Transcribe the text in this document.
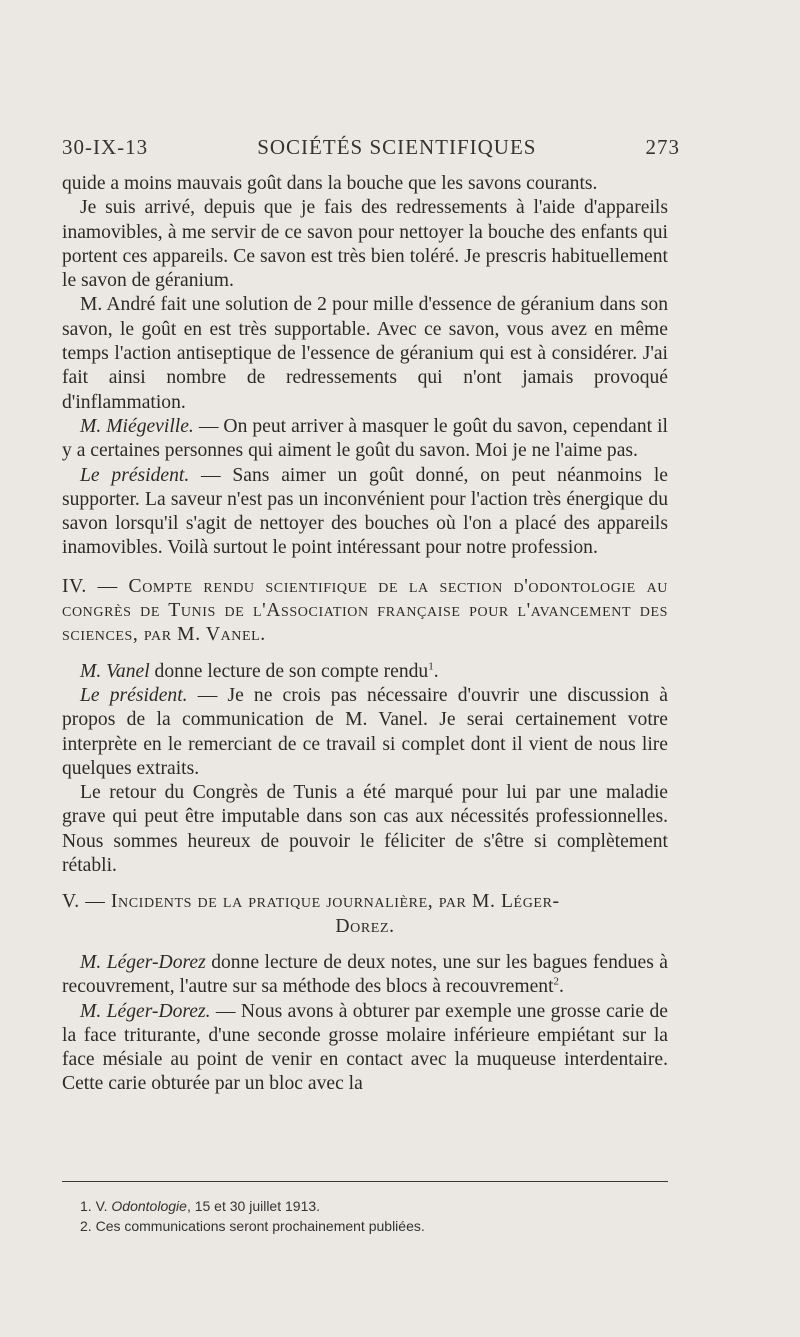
30-IX-13	SOCIÉTÉS SCIENTIFIQUES	273

quide a moins mauvais goût dans la bouche que les savons courants.

Je suis arrivé, depuis que je fais des redressements à l'aide d'appareils inamovibles, à me servir de ce savon pour nettoyer la bouche des enfants qui portent ces appareils. Ce savon est très bien toléré. Je prescris habituellement le savon de géranium.

M. André fait une solution de 2 pour mille d'essence de géranium dans son savon, le goût en est très supportable. Avec ce savon, vous avez en même temps l'action antiseptique de l'essence de géranium qui est à considérer. J'ai fait ainsi nombre de redressements qui n'ont jamais provoqué d'inflammation.

M. Miégeville. — On peut arriver à masquer le goût du savon, cependant il y a certaines personnes qui aiment le goût du savon. Moi je ne l'aime pas.

Le président. — Sans aimer un goût donné, on peut néanmoins le supporter. La saveur n'est pas un inconvénient pour l'action très énergique du savon lorsqu'il s'agit de nettoyer des bouches où l'on a placé des appareils inamovibles. Voilà surtout le point intéressant pour notre profession.

IV. — Compte rendu scientifique de la section d'odontologie au congrès de Tunis de l'Association française pour l'avancement des sciences, par M. Vanel.

M. Vanel donne lecture de son compte rendu$^1$.

Le président. — Je ne crois pas nécessaire d'ouvrir une discussion à propos de la communication de M. Vanel. Je serai certainement votre interprète en le remerciant de ce travail si complet dont il vient de nous lire quelques extraits.

Le retour du Congrès de Tunis a été marqué pour lui par une maladie grave qui peut être imputable dans son cas aux nécessités professionnelles. Nous sommes heureux de pouvoir le féliciter de s'être si complètement rétabli.

V. — Incidents de la pratique journalière, par M. Léger-
Dorez.

M. Léger-Dorez donne lecture de deux notes, une sur les bagues fendues à recouvrement, l'autre sur sa méthode des blocs à recouvrement$^2$.

M. Léger-Dorez. — Nous avons à obturer par exemple une grosse carie de la face triturante, d'une seconde grosse molaire inférieure empiétant sur la face mésiale au point de venir en contact avec la muqueuse interdentaire. Cette carie obturée par un bloc avec la

1. V. Odontologie, 15 et 30 juillet 1913.
2. Ces communications seront prochainement publiées.
